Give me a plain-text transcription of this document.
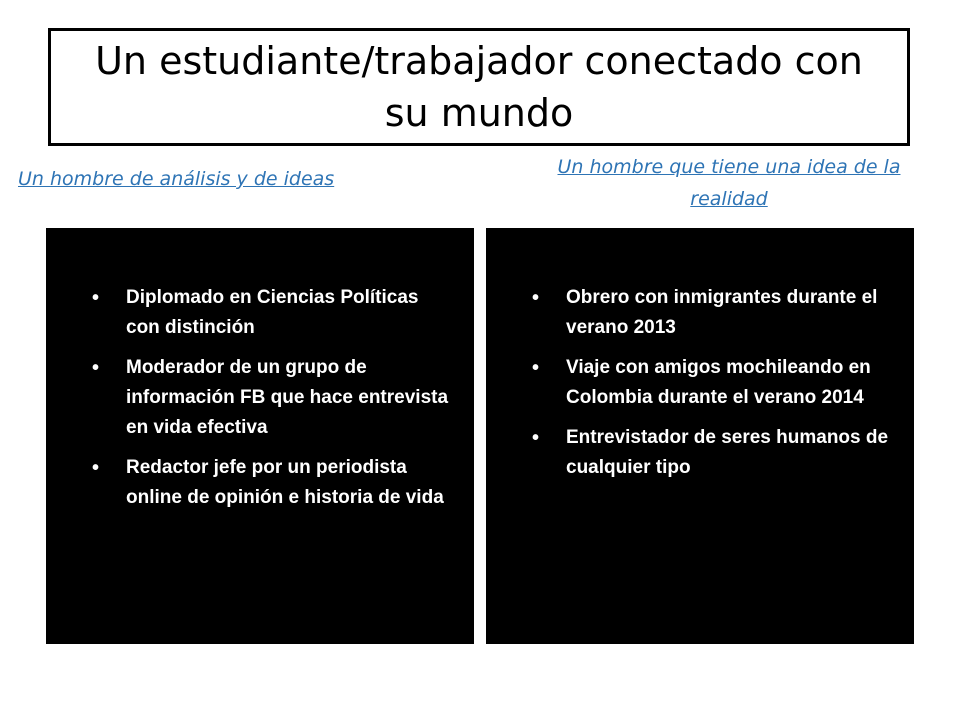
Un estudiante/trabajador conectado con su mundo
Un hombre de análisis y de ideas
Un hombre que tiene una idea de la realidad
•	Diplomado en Ciencias Políticas con distinción
•	Moderador de un grupo de información FB que hace entrevista en vida efectiva
•	Redactor jefe por un periodista online de opinión e historia de vida
•	Obrero con inmigrantes durante el verano 2013
•	Viaje con amigos mochileando en Colombia durante el verano 2014
•	Entrevistador de seres humanos de cualquier tipo
